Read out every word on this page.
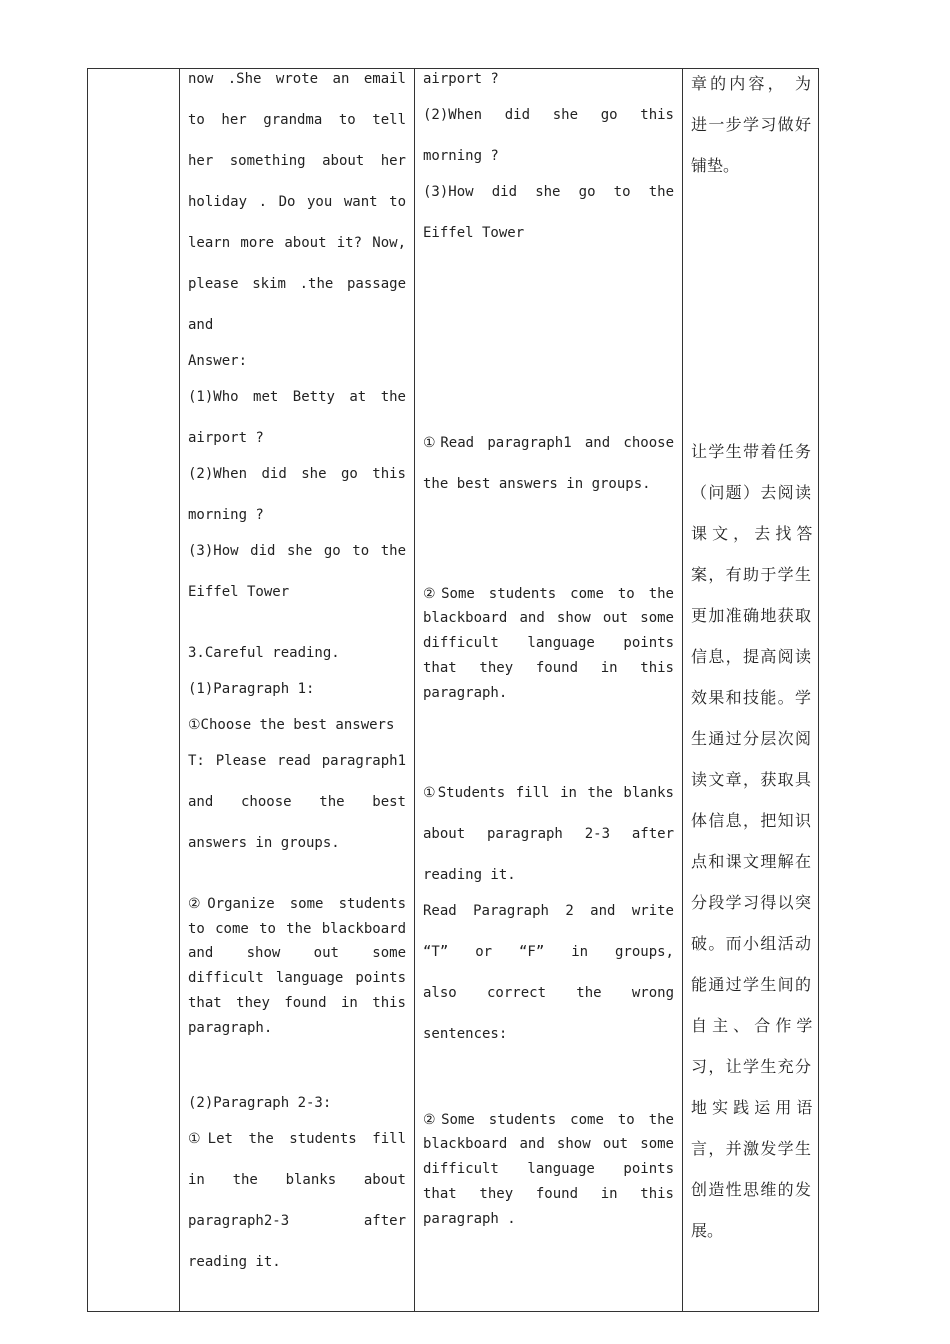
now .She wrote an email
to her grandma to tell
her something about her
holiday . Do you want to
learn more about it? Now,
please skim .the passage
and
Answer:
(1)Who met Betty at the
airport ?
(2)When did she go this
morning ?
(3)How did she go to the
Eiffel Tower
3.Careful reading.
(1)Paragraph 1:
①Choose the best answers
T: Please read paragraph1
and choose the best
answers in groups.
②Organize some students
to come to the blackboard
and show out some
difficult language points
that they found in this
paragraph.
(2)Paragraph 2-3:
①Let the students fill
in the blanks about
paragraph2-3 after
reading it.
airport ?
(2)When did she go this
morning ?
(3)How did she go to the
Eiffel Tower
①Read paragraph1 and choose
the best answers in groups.
②Some students come to the
blackboard and show out some
difficult language points
that they found in this
paragraph.
①Students fill in the blanks
about paragraph 2-3 after
reading it.
Read Paragraph 2 and write
“T” or “F” in groups,
also correct the wrong
sentences:
②Some students come to the
blackboard and show out some
difficult language points
that they found in this
paragraph .
章的内容， 为
进一步学习做好
铺垫。
让学生带着任务
（问题）去阅读
课 文 ， 去 找 答
案，有助于学生
更加准确地获取
信息，提高阅读
效果和技能。学
生通过分层次阅
读文章，获取具
体信息，把知识
点和课文理解在
分段学习得以突
破。而小组活动
能通过学生间的
自 主 、 合 作 学
习，让学生充分
地 实 践 运 用 语
言，并激发学生
创造性思维的发
展。
